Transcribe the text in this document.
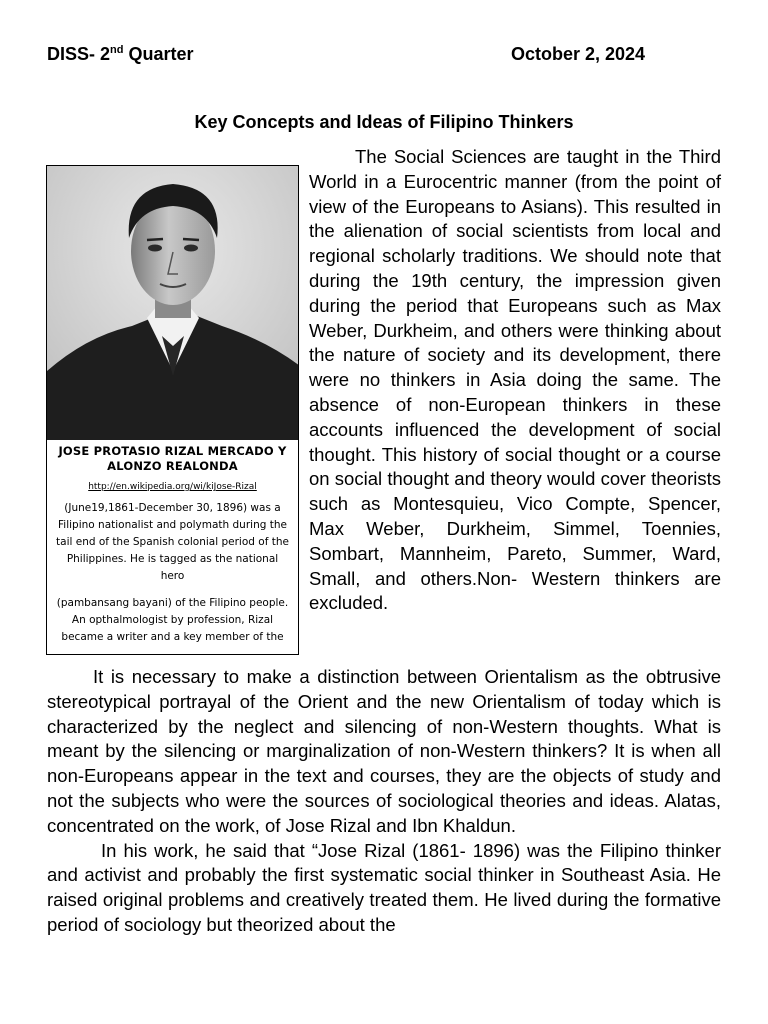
DISS- 2nd Quarter	October 2, 2024
Key Concepts and Ideas of Filipino Thinkers
JOSE PROTASIO RIZAL MERCADO Y ALONZO REALONDA
http://en.wikipedia.org/wi/kiJose-Rizal
(June19,1861-December 30, 1896) was a Filipino nationalist and polymath during the tail end of the Spanish colonial period of the Philippines. He is tagged as the national hero
(pambansang bayani) of the Filipino people. An opthalmologist by profession, Rizal became a writer and a key member of the

The Social Sciences are taught in the Third World in a Eurocentric manner (from the point of view of the Europeans to Asians). This resulted in the alienation of social scientists from local and regional scholarly traditions. We should note that during the 19th century, the impression given during the period that Europeans such as Max Weber, Durkheim, and others were thinking about the nature of society and its development, there were no thinkers in Asia doing the same. The absence of non-European thinkers in these accounts influenced the development of social thought. This history of social thought or a course on social thought and theory would cover theorists such as Montesquieu, Vico Compte, Spencer, Max Weber, Durkheim, Simmel, Toennies, Sombart, Mannheim, Pareto, Summer, Ward, Small, and others.Non- Western thinkers are excluded.

It is necessary to make a distinction between Orientalism as the obtrusive stereotypical portrayal of the Orient and the new Orientalism of today which is characterized by the neglect and silencing of non-Western thoughts. What is meant by the silencing or marginalization of non-Western thinkers? It is when all non-Europeans appear in the text and courses, they are the objects of study and not the subjects who were the sources of sociological theories and ideas. Alatas, concentrated on the work, of Jose Rizal and Ibn Khaldun.

In his work, he said that “Jose Rizal (1861- 1896) was the Filipino thinker and activist and probably the first systematic social thinker in Southeast Asia. He raised original problems and creatively treated them. He lived during the formative period of sociology but theorized about the
